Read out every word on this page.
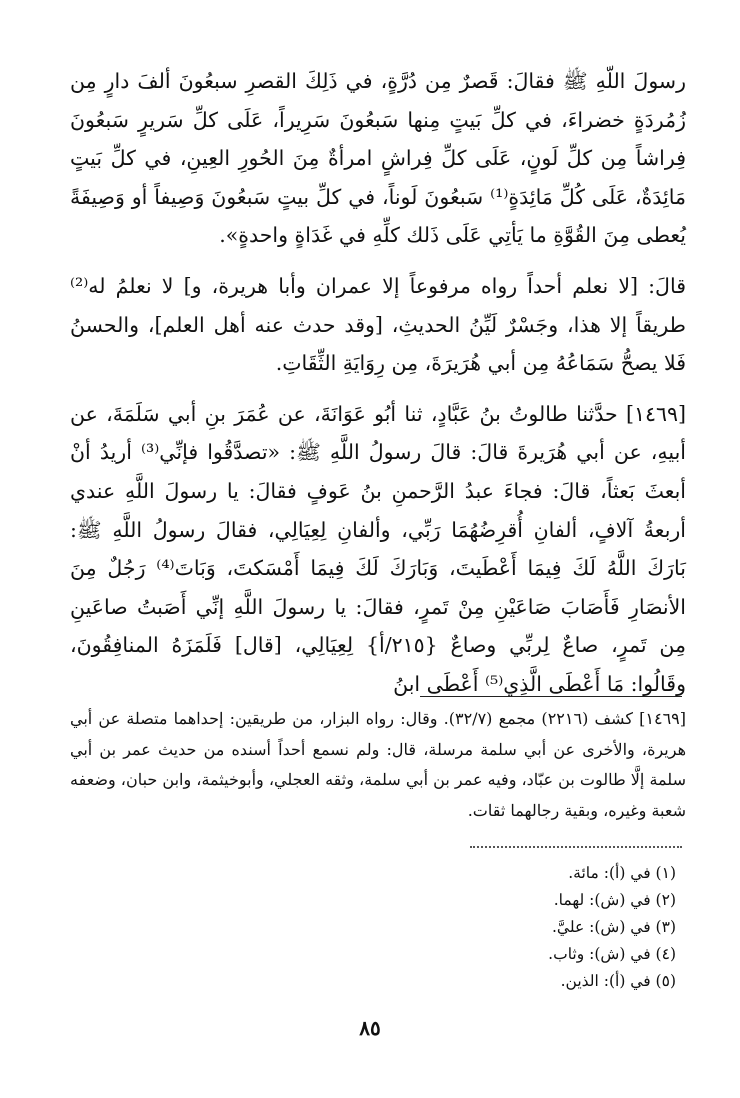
رسولَ اللّهِ ﷺ فقالَ: قَصرٌ مِن دُرَّةٍ، في ذَلِكَ القصرِ سبعُونَ ألفَ دارٍ مِن زُمُردَةٍ خضراءَ، في كلِّ بَيتٍ مِنها سَبعُونَ سَرِيراً، عَلَى كلِّ سَريرٍ سَبعُونَ فِراشاً مِن كلِّ لَونٍ، عَلَى كلِّ فِراشٍ امرأةٌ مِنَ الحُورِ العِينِ، في كلِّ بَيتٍ مَائِدَةٌ، عَلَى كُلِّ مَائِدَةٍ⁽¹⁾ سَبعُونَ لَوناً، في كلِّ بيتٍ سَبعُونَ وَصِيفاً أو وَصِيفَةً يُعطى مِنَ القُوَّةِ ما يَأتِي عَلَى ذَلك كلِّهِ في غَدَاةٍ واحدةٍ».

قالَ: [لا نعلم أحداً رواه مرفوعاً إلا عمران وأبا هريرة، و] لا نعلمُ له⁽²⁾ طريقاً إلا هذا، وجَسْرٌ لَيِّنُ الحديثِ، [وقد حدث عنه أهل العلم]، والحسنُ فَلا يصحُّ سَمَاعُهُ مِن أبي هُرَيرَةَ، مِن رِوَايَةِ الثِّقَاتِ.

[١٤٦٩] حدَّثنا طالوتُ بنُ عَبَّادٍ، ثنا أبُو عَوَانَةَ، عن عُمَرَ بنِ أبي سَلَمَةَ، عن أبيهِ، عن أبي هُرَيرةَ قالَ: قالَ رسولُ اللَّهِ ﷺ: «تصدَّقُوا فإنِّي⁽³⁾ أريدُ أنْ أبعثَ بَعثاً، قالَ: فجاءَ عبدُ الرَّحمنِ بنُ عَوفٍ فقالَ: يا رسولَ اللَّهِ عندي أربعةُ آلافٍ، ألفانِ أُقرِضُهُمَا رَبِّي، وألفانِ لِعِيَالِي، فقالَ رسولُ اللَّهِ ﷺ: بَارَكَ اللَّهُ لَكَ فِيمَا أَعْطَيتَ، وَبَارَكَ لَكَ فِيمَا أَمْسَكتَ، وَبَاتَ⁽⁴⁾ رَجُلٌ مِنَ الأنصَارِ فَأَصَابَ صَاعَيْنِ مِنْ تَمرٍ، فقالَ: يا رسولَ اللَّهِ إنِّي أَصَبتُ صاعَينِ مِن تَمرٍ، صاعٌ لِربِّي وصاعٌ {٢١٥/أ} لِعِيَالِي، [قال] فَلَمَزَهُ المنافِقُونَ، وقَالُوا: مَا أَعْطَى الَّذِي⁽⁵⁾ أَعْطَى ابنُ

[١٤٦٩] كشف (٢٢١٦) مجمع (٣٢/٧). وقال: رواه البزار، من طريقين: إحداهما متصلة عن أبي هريرة، والأخرى عن أبي سلمة مرسلة، قال: ولم نسمع أحداً أسنده من حديث عمر بن أبي سلمة إلَّا طالوت بن عبّاد، وفيه عمر بن أبي سلمة، وثقه العجلي، وأبوخيثمة، وابن حبان، وضعفه شعبة وغيره، وبقية رجالهما ثقات.

(١) في (أ): مائة.
(٢) في (ش): لهما.
(٣) في (ش): عليَّ.
(٤) في (ش): وثاب.
(٥) في (أ): الذين.
٨٥
